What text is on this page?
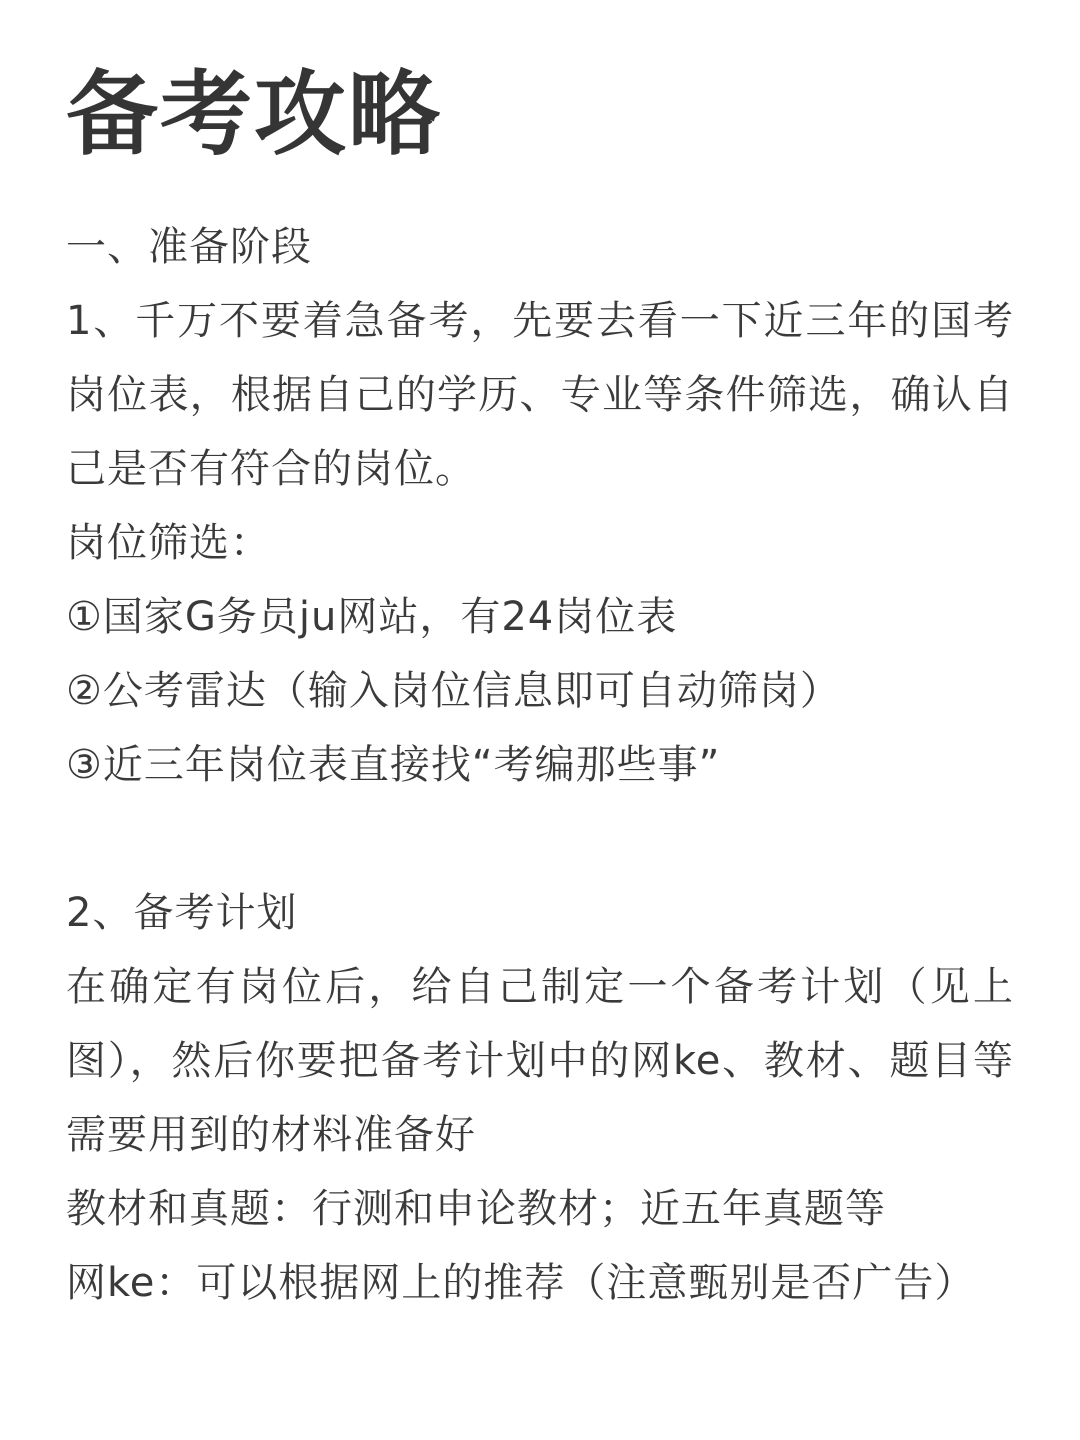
备考攻略

一、准备阶段

1、千万不要着急备考，先要去看一下近三年的国考岗位表，根据自己的学历、专业等条件筛选，确认自己是否有符合的岗位。

岗位筛选：

①国家G务员ju网站，有24岗位表

②公考雷达（输入岗位信息即可自动筛岗）

③近三年岗位表直接找“考编那些事”

2、备考计划

在确定有岗位后，给自己制定一个备考计划（见上图），然后你要把备考计划中的网ke、教材、题目等需要用到的材料准备好

教材和真题：行测和申论教材；近五年真题等

网ke：可以根据网上的推荐（注意甄别是否广告）
